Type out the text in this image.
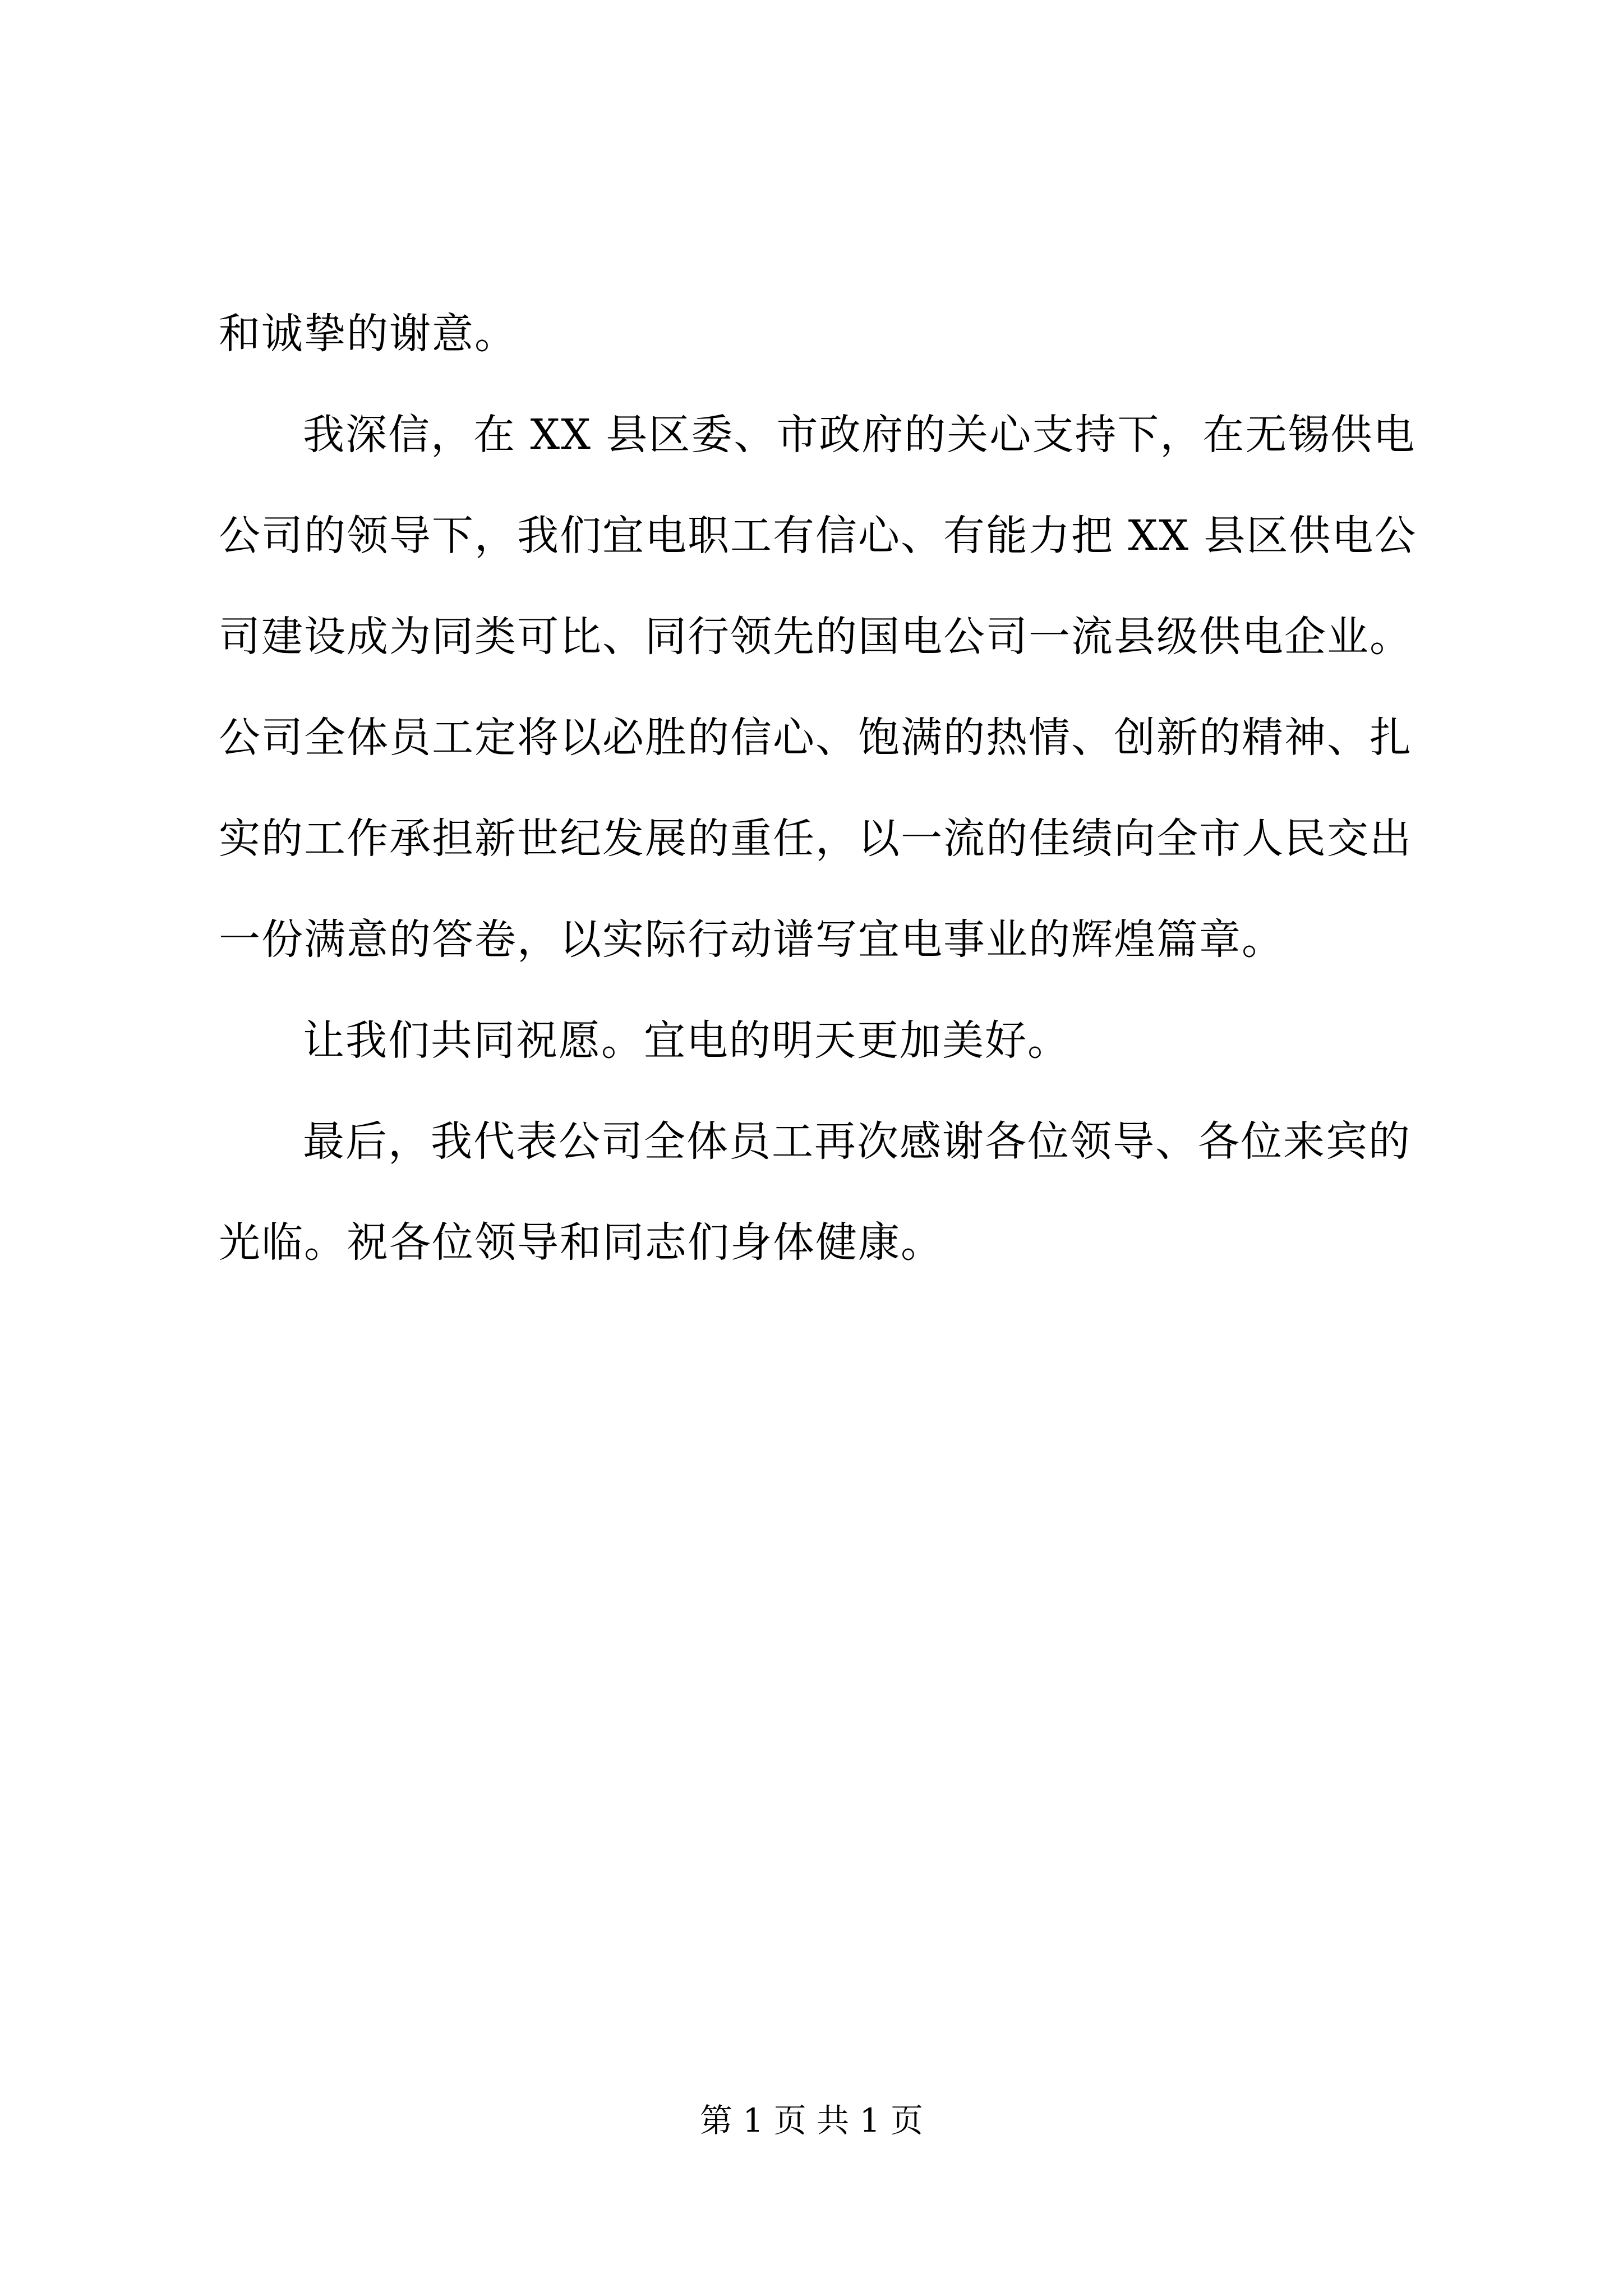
和诚挚的谢意。
我深信，在 XX 县区委、市政府的关心支持下，在无锡供电
公司的领导下，我们宜电职工有信心、有能力把 XX 县区供电公
司建设成为同类可比、同行领先的国电公司一流县级供电企业。
公司全体员工定将以必胜的信心、饱满的热情、创新的精神、扎
实的工作承担新世纪发展的重任，以一流的佳绩向全市人民交出
一份满意的答卷，以实际行动谱写宜电事业的辉煌篇章。
让我们共同祝愿。宜电的明天更加美好。
最后，我代表公司全体员工再次感谢各位领导、各位来宾的
光临。祝各位领导和同志们身体健康。
第 1 页 共 1 页
